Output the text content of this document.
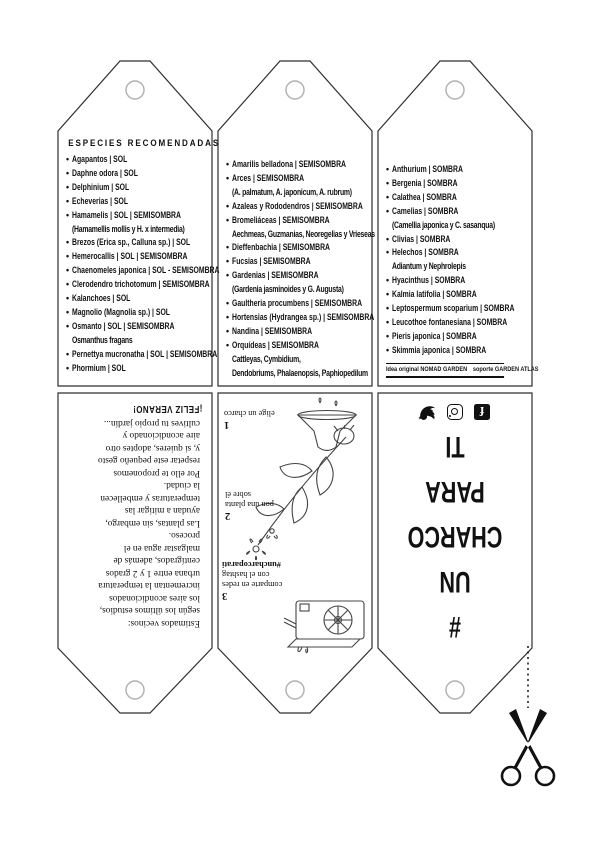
ESPECIES RECOMENDADAS
• Agapantos | SOL
• Daphne odora | SOL
• Delphinium | SOL
• Echeverias | SOL
• Hamamelis | SOL | SEMISOMBRA
(Hamamellis mollis y H. x intermedia)
• Brezos (Erica sp., Calluna sp.) | SOL
• Hemerocallis | SOL | SEMISOMBRA
• Chaenomeles japonica | SOL - SEMISOMBRA
• Clerodendro trichotomum | SEMISOMBRA
• Kalanchoes | SOL
• Magnolio (Magnolia sp.) | SOL
• Osmanto | SOL | SEMISOMBRA
Osmanthus fragans
• Pernettya mucronatha | SOL | SEMISOMBRA
• Phormium | SOL
• Amarilis belladona | SEMISOMBRA
• Arces | SEMISOMBRA
(A. palmatum, A. japonicum, A. rubrum)
• Azaleas y Rododendros | SEMISOMBRA
• Bromeliáceas | SEMISOMBRA
Aechmeas, Guzmanias, Neoregelias y Vrieseas
• Dieffenbachia | SEMISOMBRA
• Fucsias | SEMISOMBRA
• Gardenias | SEMISOMBRA
(Gardenia jasminoides y G. Augusta)
• Gaultheria procumbens | SEMISOMBRA
• Hortensias (Hydrangea sp.) | SEMISOMBRA
• Nandina | SEMISOMBRA
• Orquídeas | SEMISOMBRA
Cattleyas, Cymbidium,
Dendobriums, Phalaenopsis, Paphiopedilum
• Anthurium | SOMBRA
• Bergenia | SOMBRA
• Calathea | SOMBRA
• Camelias | SOMBRA
(Camellia japonica y C. sasanqua)
• Clivias | SOMBRA
• Helechos | SOMBRA
Adiantum y Nephrolepis
• Hyacinthus | SOMBRA
• Kalmia latifolia | SOMBRA
• Leptospermum scoparium | SOMBRA
• Leucothoe fontanesiana | SOMBRA
• Pieris japonica | SOMBRA
• Skimmia japonica | SOMBRA
Idea original NOMAD GARDEN soporte GARDEN ATLAS
Estimados vecinos:
según los últimos estudios,
los aires acondicionados
incrementan la temperatura
urbana entre 1 y 2 grados
centígrados, además de
malgastar agua en el
proceso.
Las plantas, sin embargo,
ayudan a mitigar las
temperaturas y embellecen
la ciudad.
Por ello te proponemos
respetar este pequeño gesto
y, si quieres, adoptes otro
aire acondicionado y
cultives tu propio jardín...
¡FELIZ VERANO!
3
comparte en redes
con el hashtag
#uncharcoparati
2
pon una planta
sobre él
1
elige un charco
#
UN
CHARCO
PARA
TI
f
